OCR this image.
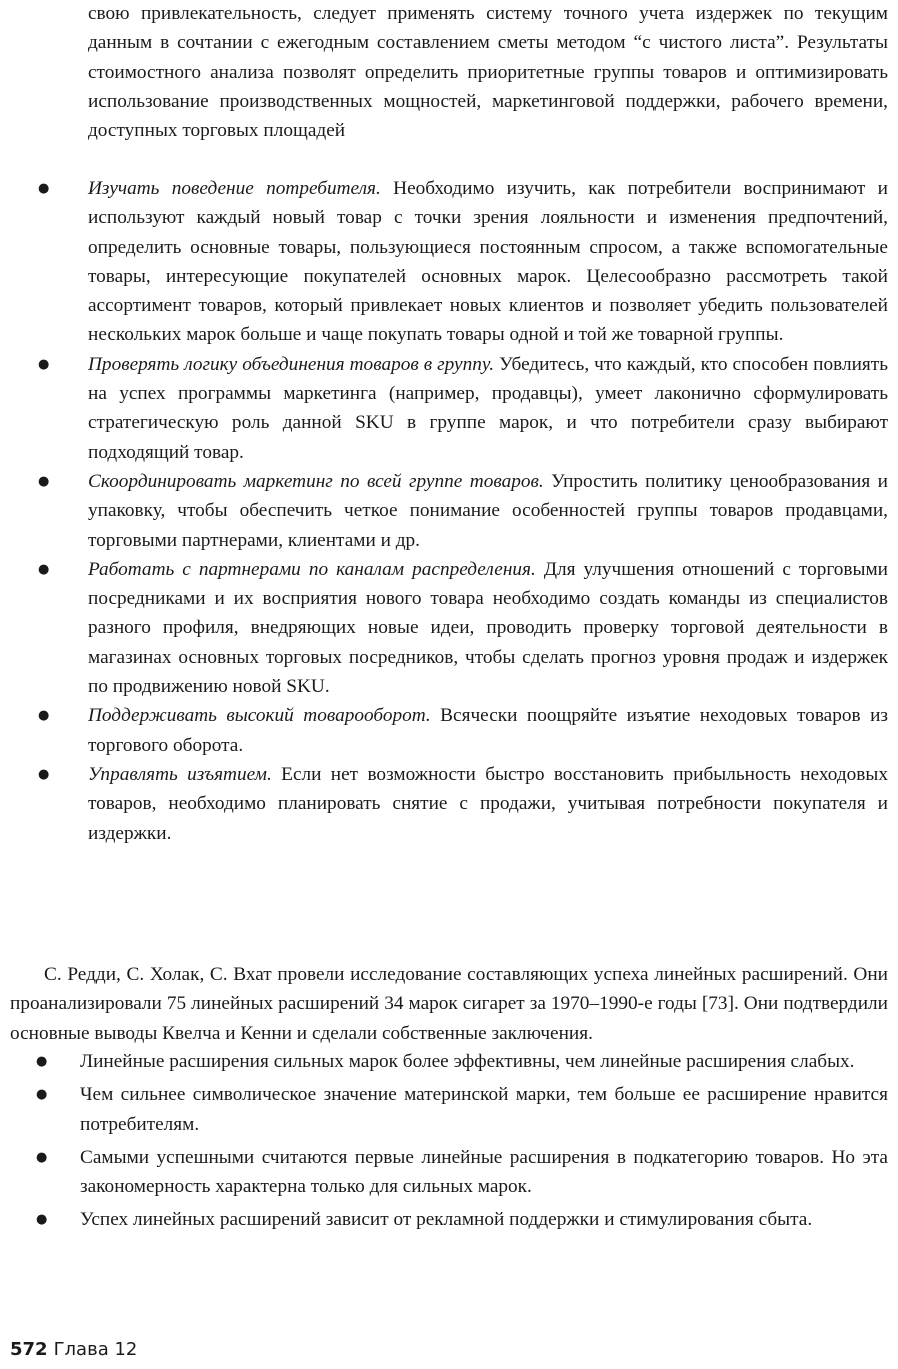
свою привлекательность, следует применять систему точного учета издержек по текущим данным в сочтании с ежегодным составлением сметы методом “с чистого листа”. Результаты стоимостного анализа позволят определить приоритетные группы товаров и оптимизировать использование производственных мощностей, маркетинговой поддержки, рабочего времени, доступных торговых площадей
● Изучать поведение потребителя. Необходимо изучить, как потребители воспринимают и используют каждый новый товар с точки зрения лояльности и изменения предпочтений, определить основные товары, пользующиеся постоянным спросом, а также вспомогательные товары, интересующие покупателей основных марок. Целесообразно рассмотреть такой ассортимент товаров, который привлекает новых клиентов и позволяет убедить пользователей нескольких марок больше и чаще покупать товары одной и той же товарной группы.
● Проверять логику объединения товаров в группу. Убедитесь, что каждый, кто способен повлиять на успех программы маркетинга (например, продавцы), умеет лаконично сформулировать стратегическую роль данной SKU в группе марок, и что потребители сразу выбирают подходящий товар.
● Скоординировать маркетинг по всей группе товаров. Упростить политику ценообразования и упаковку, чтобы обеспечить четкое понимание особенностей группы товаров продавцами, торговыми партнерами, клиентами и др.
● Работать с партнерами по каналам распределения. Для улучшения отношений с торговыми посредниками и их восприятия нового товара необходимо создать команды из специалистов разного профиля, внедряющих новые идеи, проводить проверку торговой деятельности в магазинах основных торговых посредников, чтобы сделать прогноз уровня продаж и издержек по продвижению новой SKU.
● Поддерживать высокий товарооборот. Всячески поощряйте изъятие неходовых товаров из торгового оборота.
● Управлять изъятием. Если нет возможности быстро восстановить прибыльность неходовых товаров, необходимо планировать снятие с продажи, учитывая потребности покупателя и издержки.
С. Редди, С. Холак, С. Вхат провели исследование составляющих успеха линейных расширений. Они проанализировали 75 линейных расширений 34 марок сигарет за 1970–1990-е годы [73]. Они подтвердили основные выводы Квелча и Кенни и сделали собственные заключения.
● Линейные расширения сильных марок более эффективны, чем линейные расширения слабых.
● Чем сильнее символическое значение материнской марки, тем больше ее расширение нравится потребителям.
● Самыми успешными считаются первые линейные расширения в подкатегорию товаров. Но эта закономерность характерна только для сильных марок.
● Успех линейных расширений зависит от рекламной поддержки и стимулирования сбыта.
572 Глава 12
